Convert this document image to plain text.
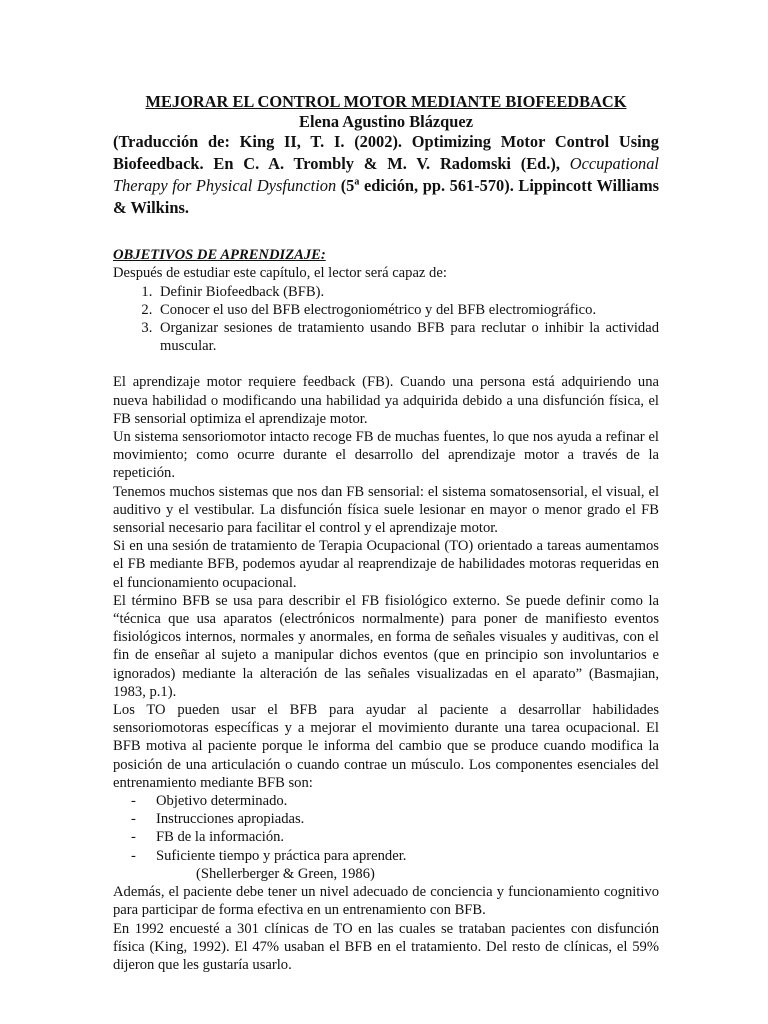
MEJORAR EL CONTROL MOTOR MEDIANTE BIOFEEDBACK
Elena Agustino Blázquez

(Traducción de: King II, T. I. (2002). Optimizing Motor Control Using Biofeedback. En C. A. Trombly & M. V. Radomski (Ed.), Occupational Therapy for Physical Dysfunction (5$^a$ edición, pp. 561-570). Lippincott Williams & Wilkins.

OBJETIVOS DE APRENDIZAJE:

Después de estudiar este capítulo, el lector será capaz de:

1. Definir Biofeedback (BFB).
2. Conocer el uso del BFB electrogoniométrico y del BFB electromiográfico.
3. Organizar sesiones de tratamiento usando BFB para reclutar o inhibir la actividad muscular.

El aprendizaje motor requiere feedback (FB). Cuando una persona está adquiriendo una nueva habilidad o modificando una habilidad ya adquirida debido a una disfunción física, el FB sensorial optimiza el aprendizaje motor.

Un sistema sensoriomotor intacto recoge FB de muchas fuentes, lo que nos ayuda a refinar el movimiento; como ocurre durante el desarrollo del aprendizaje motor a través de la repetición.

Tenemos muchos sistemas que nos dan FB sensorial: el sistema somatosensorial, el visual, el auditivo y el vestibular. La disfunción física suele lesionar en mayor o menor grado el FB sensorial necesario para facilitar el control y el aprendizaje motor.

Si en una sesión de tratamiento de Terapia Ocupacional (TO) orientado a tareas aumentamos el FB mediante BFB, podemos ayudar al reaprendizaje de habilidades motoras requeridas en el funcionamiento ocupacional.

El término BFB se usa para describir el FB fisiológico externo. Se puede definir como la “técnica que usa aparatos (electrónicos normalmente) para poner de manifiesto eventos fisiológicos internos, normales y anormales, en forma de señales visuales y auditivas, con el fin de enseñar al sujeto a manipular dichos eventos (que en principio son involuntarios e ignorados) mediante la alteración de las señales visualizadas en el aparato” (Basmajian, 1983, p.1).

Los TO pueden usar el BFB para ayudar al paciente a desarrollar habilidades sensoriomotoras específicas y a mejorar el movimiento durante una tarea ocupacional. El BFB motiva al paciente porque le informa del cambio que se produce cuando modifica la posición de una articulación o cuando contrae un músculo. Los componentes esenciales del entrenamiento mediante BFB son:

- Objetivo determinado.
- Instrucciones apropiadas.
- FB de la información.
- Suficiente tiempo y práctica para aprender.
(Shellerberger & Green, 1986)

Además, el paciente debe tener un nivel adecuado de conciencia y funcionamiento cognitivo para participar de forma efectiva en un entrenamiento con BFB.

En 1992 encuesté a 301 clínicas de TO en las cuales se trataban pacientes con disfunción física (King, 1992). El 47% usaban el BFB en el tratamiento. Del resto de clínicas, el 59% dijeron que les gustaría usarlo.
